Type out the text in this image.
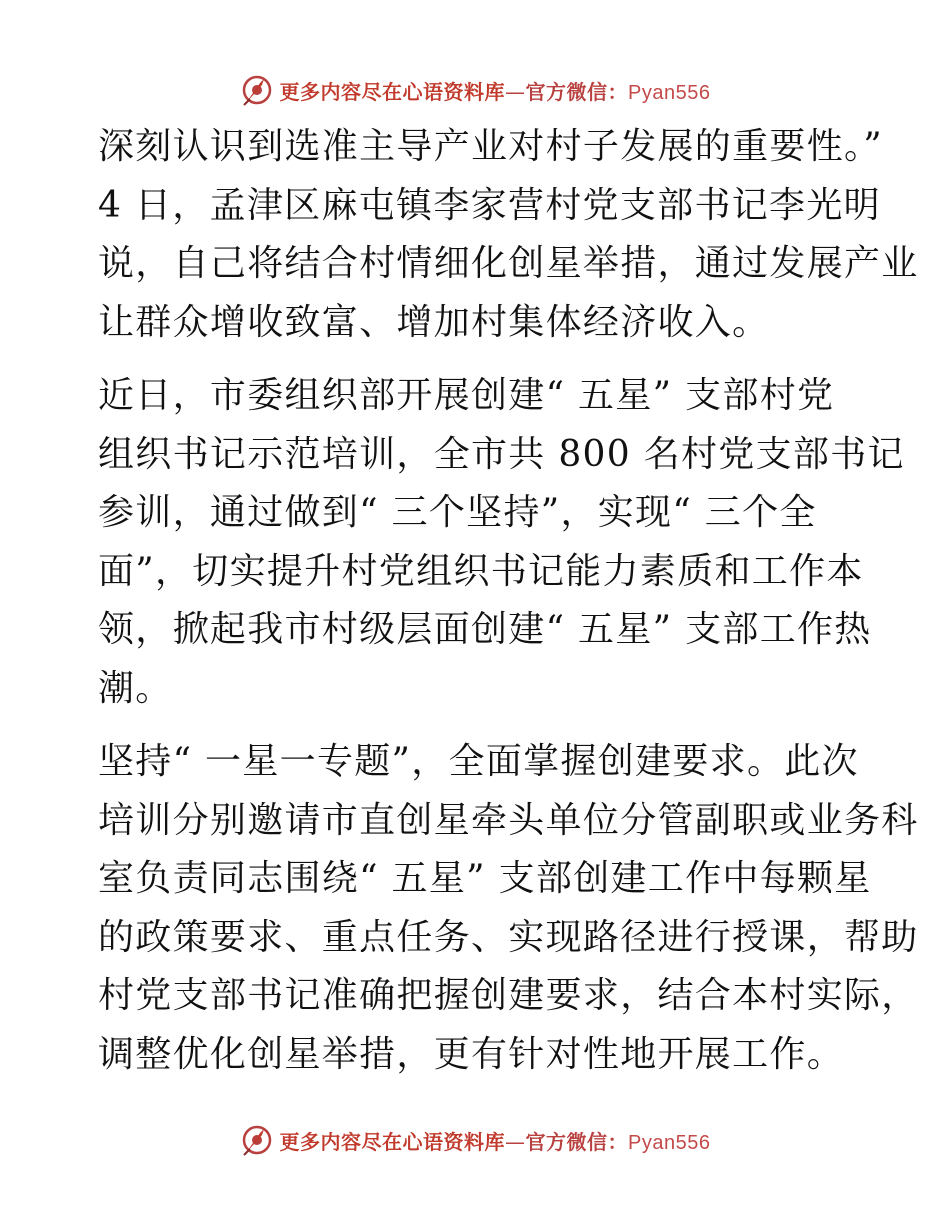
更多内容尽在心语资料库—官方微信：Pyan556

深刻认识到选准主导产业对村子发展的重要性。”
4 日，孟津区麻屯镇李家营村党支部书记李光明
说，自己将结合村情细化创星举措，通过发展产业
让群众增收致富、增加村集体经济收入。

近日，市委组织部开展创建“ 五星” 支部村党
组织书记示范培训，全市共 800 名村党支部书记
参训，通过做到“ 三个坚持”，实现“ 三个全
面”，切实提升村党组织书记能力素质和工作本
领，掀起我市村级层面创建“ 五星” 支部工作热
潮。

坚持“ 一星一专题”，全面掌握创建要求。此次
培训分别邀请市直创星牵头单位分管副职或业务科
室负责同志围绕“ 五星” 支部创建工作中每颗星
的政策要求、重点任务、实现路径进行授课，帮助
村党支部书记准确把握创建要求，结合本村实际，
调整优化创星举措，更有针对性地开展工作。

更多内容尽在心语资料库—官方微信：Pyan556
